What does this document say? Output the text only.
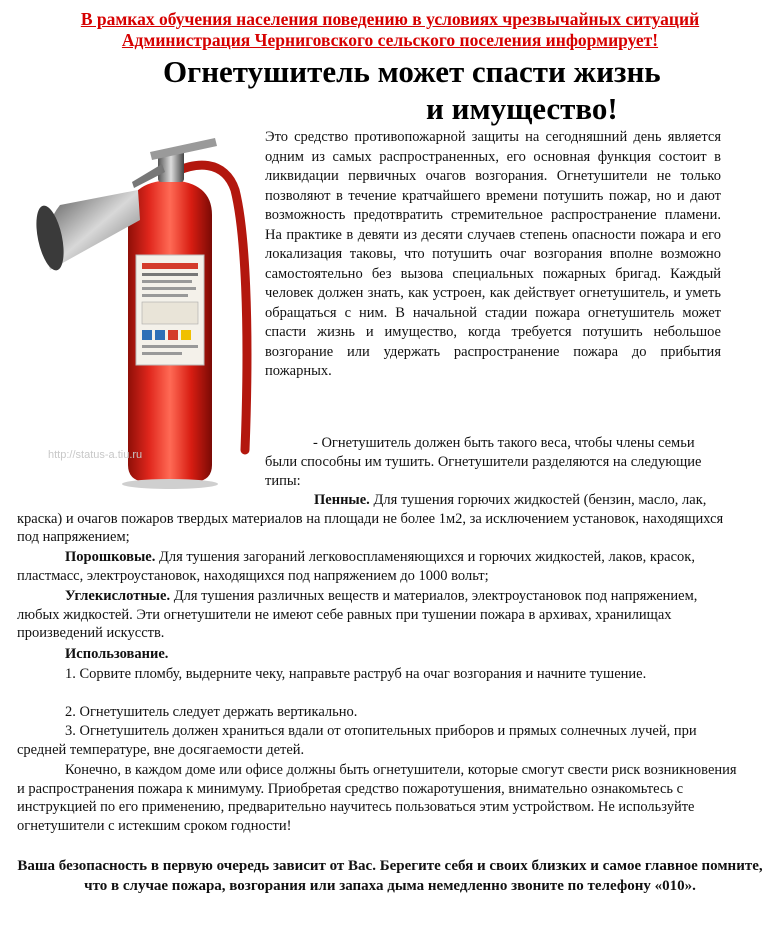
В рамках обучения населения поведению в условиях чрезвычайных ситуаций
Администрация Черниговского сельского поселения информирует!
Огнетушитель может спасти жизнь
и имущество!
http://status-a.tiu.ru
Это средство противопожарной защиты на сегодняшний день является одним из самых распространенных, его основная функция состоит в ликвидации первичных очагов возгорания. Огнетушители не только позволяют в течение кратчайшего времени потушить пожар, но и дают возможность предотвратить стремительное распространение пламени. На практике в девяти из десяти случаев степень опасности пожара и его локализация таковы, что потушить очаг возгорания вполне возможно самостоятельно без вызова специальных пожарных бригад. Каждый человек должен знать, как устроен, как действует огнетушитель, и уметь обращаться с ним. В начальной стадии пожара огнетушитель может спасти жизнь и имущество, когда требуется потушить небольшое возгорание или удержать распространение пожара до прибытия пожарных.
- Огнетушитель должен быть такого веса, чтобы члены семьи были способны им тушить. Огнетушители разделяются на следующие типы:
Пенные. Для тушения горючих жидкостей (бензин, масло, лак, краска) и очагов пожаров твердых материалов на площади не более 1м2, за исключением установок, находящихся под напряжением;
Порошковые. Для тушения загораний легковоспламеняющихся и горючих жидкостей, лаков, красок, пластмасс, электроустановок, находящихся под напряжением до 1000 вольт;
Углекислотные. Для тушения различных веществ и материалов, электроустановок под напряжением, любых жидкостей. Эти огнетушители не имеют себе равных при тушении пожара в архивах, хранилищах произведений искусств.
Использование.
1. Сорвите пломбу, выдерните чеку, направьте раструб на очаг возгорания и начните тушение.
2. Огнетушитель следует держать вертикально.
3. Огнетушитель должен храниться вдали от отопительных приборов и прямых солнечных лучей, при средней температуре, вне досягаемости детей.
Конечно, в каждом доме или офисе должны быть огнетушители, которые смогут свести риск возникновения и распространения пожара к минимуму. Приобретая средство пожаротушения, внимательно ознакомьтесь с инструкцией по его применению, предварительно научитесь пользоваться этим устройством. Не используйте огнетушители с истекшим сроком годности!
Ваша безопасность в первую очередь зависит от Вас. Берегите себя и своих близких и самое главное помните, что в случае пожара, возгорания или запаха дыма немедленно звоните по телефону «010».
